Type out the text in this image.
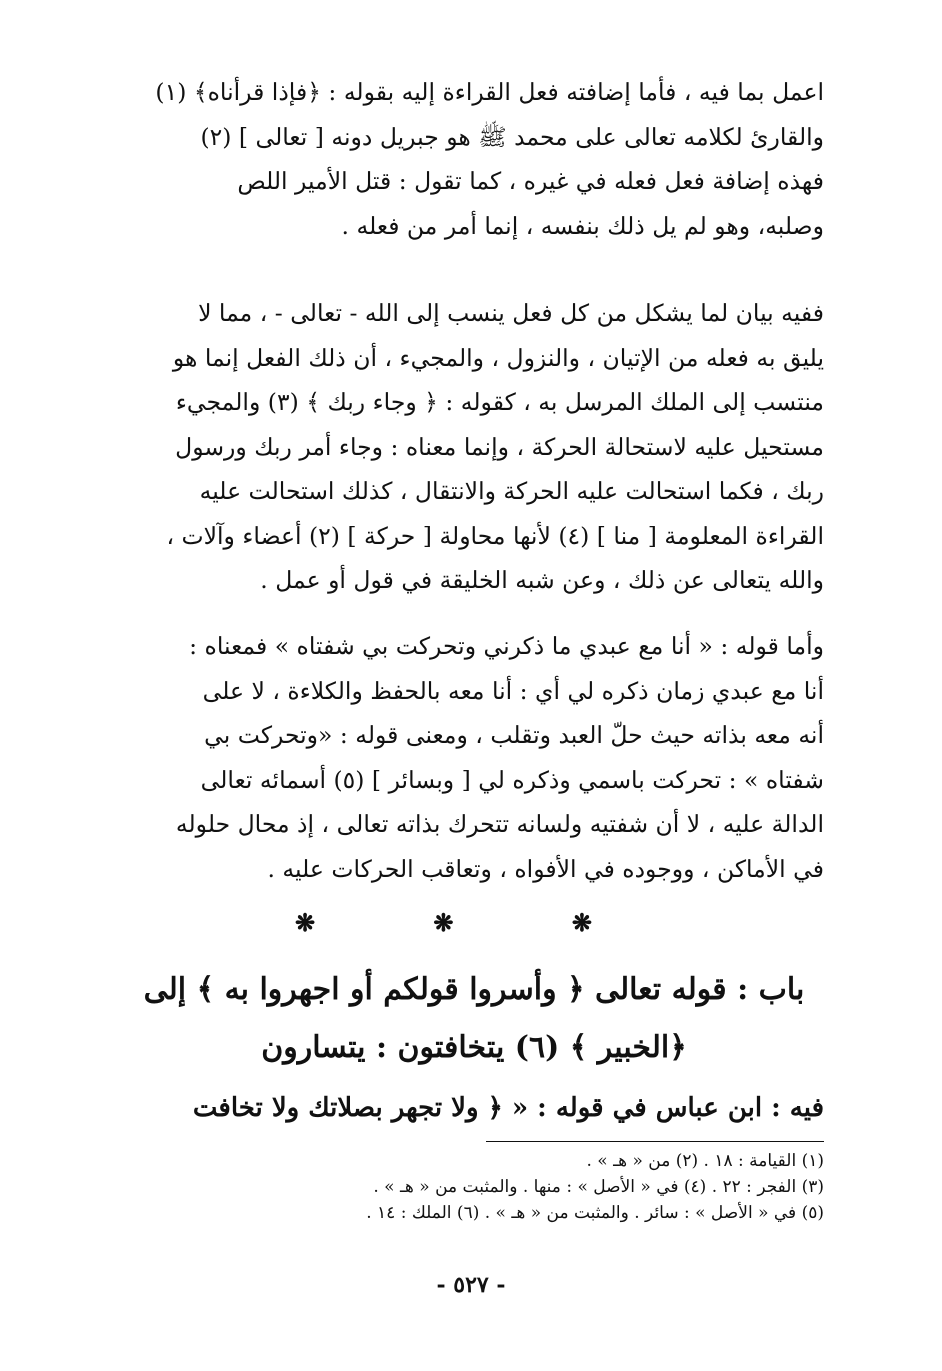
اعمل بما فيه ، فأما إضافته فعل القراءة إليه بقوله : ﴿فإذا قرأناه﴾ (١)
والقارئ لكلامه تعالى على محمد ﷺ هو جبريل دونه [ تعالى ] (٢)
فهذه إضافة فعل فعله في غيره ، كما تقول : قتل الأمير اللص
وصلبه، وهو لم يل ذلك بنفسه ، إنما أمر من فعله .
ففيه بيان لما يشكل من كل فعل ينسب إلى الله - تعالى - ، مما لا
يليق به فعله من الإتيان ، والنزول ، والمجيء ، أن ذلك الفعل إنما هو
منتسب إلى الملك المرسل به ، كقوله : ﴿ وجاء ربك ﴾ (٣) والمجيء
مستحيل عليه لاستحالة الحركة ، وإنما معناه : وجاء أمر ربك ورسول
ربك ، فكما استحالت عليه الحركة والانتقال ، كذلك استحالت عليه
القراءة المعلومة [ منا ] (٤) لأنها محاولة [ حركة ] (٢) أعضاء وآلات ،
والله يتعالى عن ذلك ، وعن شبه الخليقة في قول أو عمل .
وأما قوله : « أنا مع عبدي ما ذكرني وتحركت بي شفتاه » فمعناه :
أنا مع عبدي زمان ذكره لي أي : أنا معه بالحفظ والكلاءة ، لا على
أنه معه بذاته حيث حلّ العبد وتقلب ، ومعنى قوله : «وتحركت بي
شفتاه » : تحركت باسمي وذكره لي [ وبسائر ] (٥) أسمائه تعالى
الدالة عليه ، لا أن شفتيه ولسانه تتحرك بذاته تعالى ، إذ محال حلوله
في الأماكن ، ووجوده في الأفواه ، وتعاقب الحركات عليه .
❋ ❋ ❋
باب : قوله تعالى ﴿ وأسروا قولكم أو اجهروا به ﴾ إلى
﴿الخبير ﴾ (٦) يتخافتون : يتسارون
فيه : ابن عباس في قوله : « ﴿ ولا تجهر بصلاتك ولا تخافت
(١) القيامة : ١٨ . (٢) من « هـ » .
(٣) الفجر : ٢٢ . (٤) في « الأصل » : منها . والمثبت من « هـ » .
(٥) في « الأصل » : سائر . والمثبت من « هـ » . (٦) الملك : ١٤ .
- ٥٢٧ -
